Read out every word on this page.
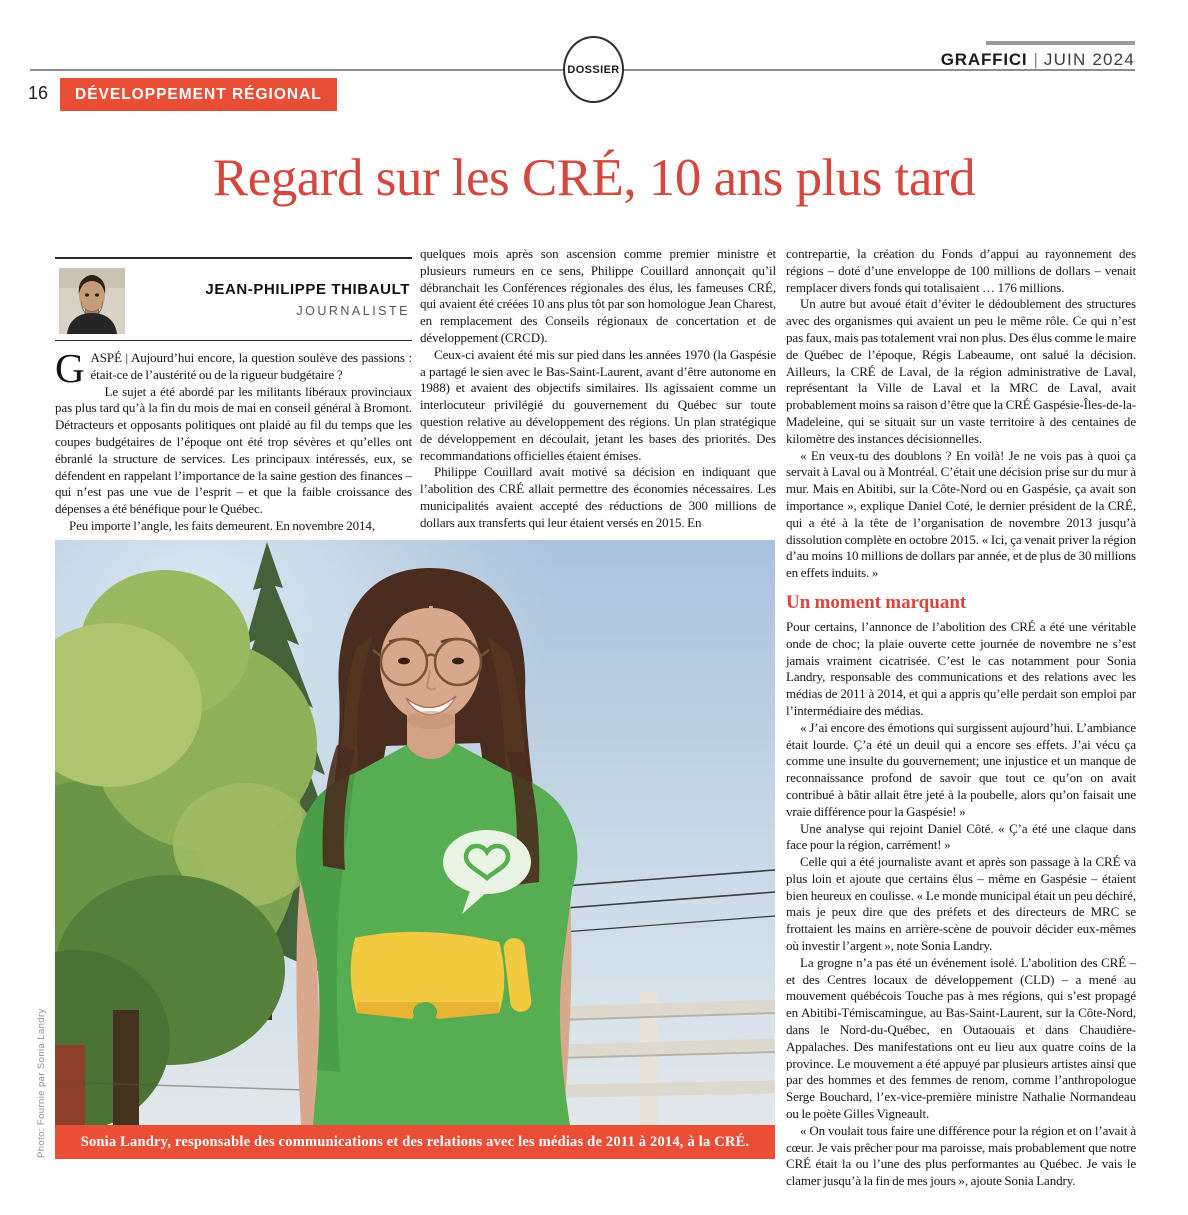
GRAFFICI | JUIN 2024
DOSSIER
16	DÉVELOPPEMENT RÉGIONAL
Regard sur les CRÉ, 10 ans plus tard
JEAN-PHILIPPE THIBAULT
JOURNALISTE

GASPÉ | Aujourd’hui encore, la question soulève des passions : était-ce de l’austérité ou de la rigueur budgétaire ?

Le sujet a été abordé par les militants libéraux provinciaux pas plus tard qu’à la fin du mois de mai en conseil général à Bromont. Détracteurs et opposants politiques ont plaidé au fil du temps que les coupes budgétaires de l’époque ont été trop sévères et qu’elles ont ébranlé la structure de services. Les principaux intéressés, eux, se défendent en rappelant l’importance de la saine gestion des finances – qui n’est pas une vue de l’esprit – et que la faible croissance des dépenses a été bénéfique pour le Québec.

Peu importe l’angle, les faits demeurent. En novembre 2014,

quelques mois après son ascension comme premier ministre et plusieurs rumeurs en ce sens, Philippe Couillard annonçait qu’il débranchait les Conférences régionales des élus, les fameuses CRÉ, qui avaient été créées 10 ans plus tôt par son homologue Jean Charest, en remplacement des Conseils régionaux de concertation et de développement (CRCD).

Ceux-ci avaient été mis sur pied dans les années 1970 (la Gaspésie a partagé le sien avec le Bas-Saint-Laurent, avant d’être autonome en 1988) et avaient des objectifs similaires. Ils agissaient comme un interlocuteur privilégié du gouvernement du Québec sur toute question relative au développement des régions. Un plan stratégique de développement en découlait, jetant les bases des priorités. Des recommandations officielles étaient émises.

Philippe Couillard avait motivé sa décision en indiquant que l’abolition des CRÉ allait permettre des économies nécessaires. Les municipalités avaient accepté des réductions de 300 millions de dollars aux transferts qui leur étaient versés en 2015. En

contrepartie, la création du Fonds d’appui au rayonnement des régions – doté d’une enveloppe de 100 millions de dollars – venait remplacer divers fonds qui totalisaient … 176 millions.

Un autre but avoué était d’éviter le dédoublement des structures avec des organismes qui avaient un peu le même rôle. Ce qui n’est pas faux, mais pas totalement vrai non plus. Des élus comme le maire de Québec de l’époque, Régis Labeaume, ont salué la décision. Ailleurs, la CRÉ de Laval, de la région administrative de Laval, représentant la Ville de Laval et la MRC de Laval, avait probablement moins sa raison d’être que la CRÉ Gaspésie-Îles-de-la-Madeleine, qui se situait sur un vaste territoire à des centaines de kilomètre des instances décisionnelles.

« En veux-tu des doublons ? En voilà! Je ne vois pas à quoi ça servait à Laval ou à Montréal. C’était une décision prise sur du mur à mur. Mais en Abitibi, sur la Côte-Nord ou en Gaspésie, ça avait son importance », explique Daniel Coté, le dernier président de la CRÉ, qui a été à la tête de l’organisation de novembre 2013 jusqu’à dissolution complète en octobre 2015. « Ici, ça venait priver la région d’au moins 10 millions de dollars par année, et de plus de 30 millions en effets induits. »

Un moment marquant

Pour certains, l’annonce de l’abolition des CRÉ a été une véritable onde de choc; la plaie ouverte cette journée de novembre ne s’est jamais vraiment cicatrisée. C’est le cas notamment pour Sonia Landry, responsable des communications et des relations avec les médias de 2011 à 2014, et qui a appris qu’elle perdait son emploi par l’intermédiaire des médias.

« J’ai encore des émotions qui surgissent aujourd’hui. L’ambiance était lourde. Ç’a été un deuil qui a encore ses effets. J’ai vécu ça comme une insulte du gouvernement; une injustice et un manque de reconnaissance profond de savoir que tout ce qu’on on avait contribué à bâtir allait être jeté à la poubelle, alors qu’on faisait une vraie différence pour la Gaspésie! »

Une analyse qui rejoint Daniel Côté. « Ç’a été une claque dans face pour la région, carrément! »

Celle qui a été journaliste avant et après son passage à la CRÉ va plus loin et ajoute que certains élus – même en Gaspésie – étaient bien heureux en coulisse. « Le monde municipal était un peu déchiré, mais je peux dire que des préfets et des directeurs de MRC se frottaient les mains en arrière-scène de pouvoir décider eux-mêmes où investir l’argent », note Sonia Landry.

La grogne n’a pas été un événement isolé. L’abolition des CRÉ – et des Centres locaux de développement (CLD) – a mené au mouvement québécois Touche pas à mes régions, qui s’est propagé en Abitibi-Témiscamingue, au Bas-Saint-Laurent, sur la Côte-Nord, dans le Nord-du-Québec, en Outaouais et dans Chaudière-Appalaches. Des manifestations ont eu lieu aux quatre coins de la province. Le mouvement a été appuyé par plusieurs artistes ainsi que par des hommes et des femmes de renom, comme l’anthropologue Serge Bouchard, l’ex-vice-première ministre Nathalie Normandeau ou le poète Gilles Vigneault.

« On voulait tous faire une différence pour la région et on l’avait à cœur. Je vais prêcher pour ma paroisse, mais probablement que notre CRÉ était la ou l’une des plus performantes au Québec. Je vais le clamer jusqu’à la fin de mes jours », ajoute Sonia Landry.

Sonia Landry, responsable des communications et des relations avec les médias de 2011 à 2014, à la CRÉ.
Photo: Fournie par Sonia Landry
